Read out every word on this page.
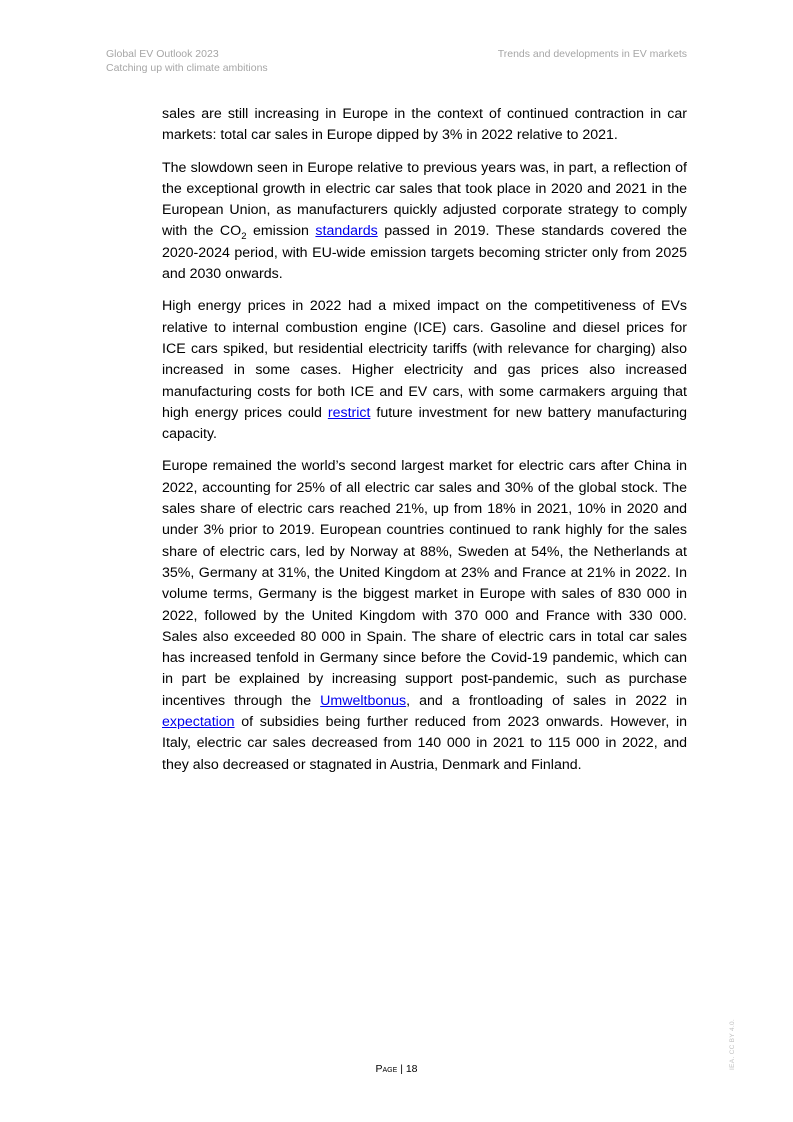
Global EV Outlook 2023
Catching up with climate ambitions
Trends and developments in EV markets

sales are still increasing in Europe in the context of continued contraction in car markets: total car sales in Europe dipped by 3% in 2022 relative to 2021.

The slowdown seen in Europe relative to previous years was, in part, a reflection of the exceptional growth in electric car sales that took place in 2020 and 2021 in the European Union, as manufacturers quickly adjusted corporate strategy to comply with the $CO_2$ emission standards passed in 2019. These standards covered the 2020-2024 period, with EU-wide emission targets becoming stricter only from 2025 and 2030 onwards.

High energy prices in 2022 had a mixed impact on the competitiveness of EVs relative to internal combustion engine (ICE) cars. Gasoline and diesel prices for ICE cars spiked, but residential electricity tariffs (with relevance for charging) also increased in some cases. Higher electricity and gas prices also increased manufacturing costs for both ICE and EV cars, with some carmakers arguing that high energy prices could restrict future investment for new battery manufacturing capacity.

Europe remained the world’s second largest market for electric cars after China in 2022, accounting for 25% of all electric car sales and 30% of the global stock. The sales share of electric cars reached 21%, up from 18% in 2021, 10% in 2020 and under 3% prior to 2019. European countries continued to rank highly for the sales share of electric cars, led by Norway at 88%, Sweden at 54%, the Netherlands at 35%, Germany at 31%, the United Kingdom at 23% and France at 21% in 2022. In volume terms, Germany is the biggest market in Europe with sales of 830 000 in 2022, followed by the United Kingdom with 370 000 and France with 330 000. Sales also exceeded 80 000 in Spain. The share of electric cars in total car sales has increased tenfold in Germany since before the Covid-19 pandemic, which can in part be explained by increasing support post-pandemic, such as purchase incentives through the Umweltbonus, and a frontloading of sales in 2022 in expectation of subsidies being further reduced from 2023 onwards. However, in Italy, electric car sales decreased from 140 000 in 2021 to 115 000 in 2022, and they also decreased or stagnated in Austria, Denmark and Finland.

Page | 18	IEA. CC BY 4.0.
